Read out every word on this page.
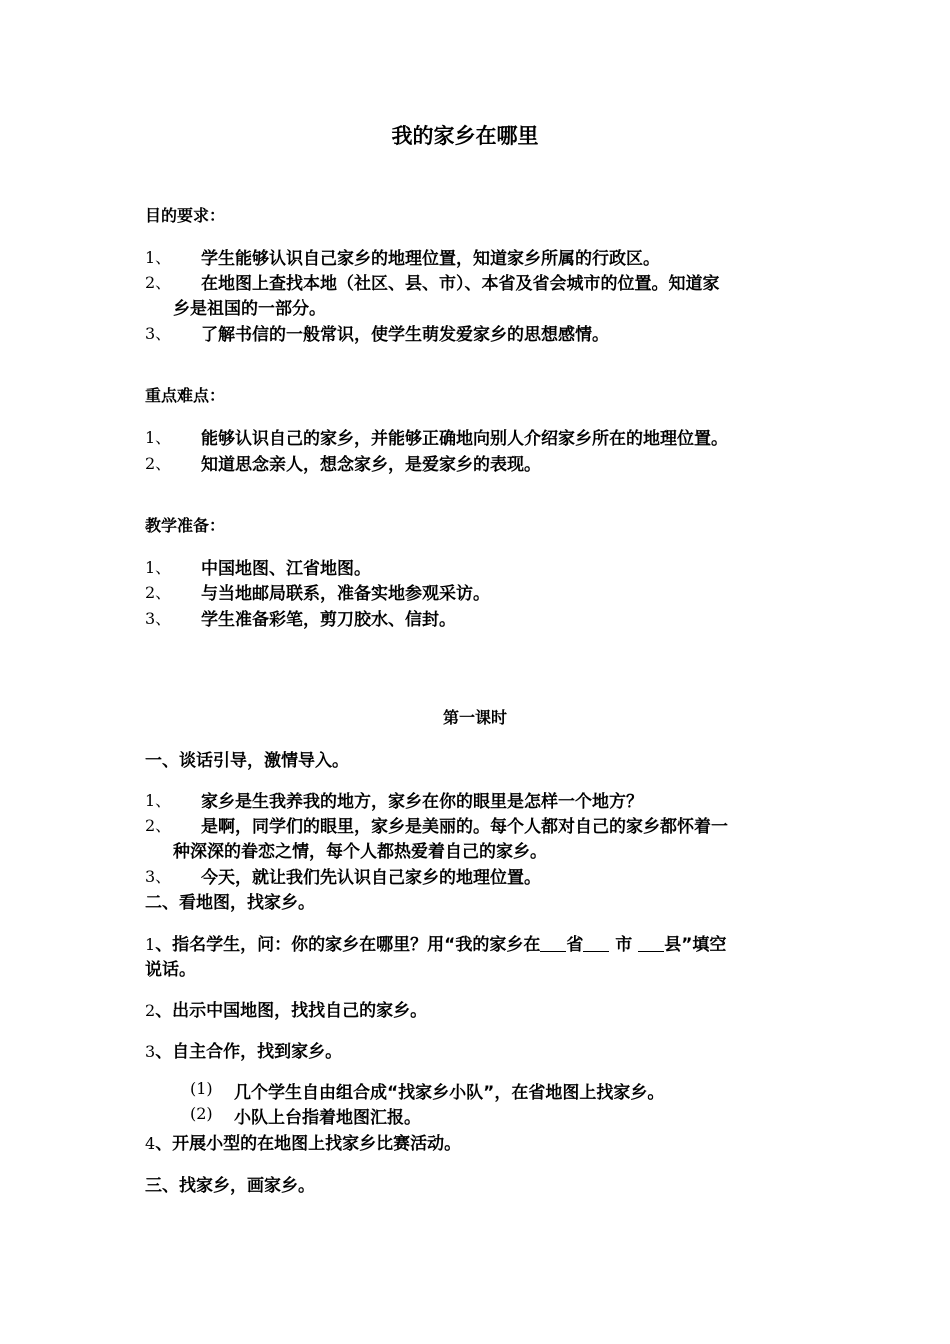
我的家乡在哪里
目的要求：
1、 学生能够认识自己家乡的地理位置，知道家乡所属的行政区。
2、 在地图上查找本地（社区、县、市）、本省及省会城市的位置。知道家
乡是祖国的一部分。
3、 了解书信的一般常识，使学生萌发爱家乡的思想感情。
重点难点：
1、 能够认识自己的家乡，并能够正确地向别人介绍家乡所在的地理位置。
2、 知道思念亲人，想念家乡，是爱家乡的表现。
教学准备：
1、 中国地图、江省地图。
2、 与当地邮局联系，准备实地参观采访。
3、 学生准备彩笔，剪刀胶水、信封。
第一课时
一、谈话引导，激情导入。
1、 家乡是生我养我的地方，家乡在你的眼里是怎样一个地方？
2、 是啊，同学们的眼里，家乡是美丽的。每个人都对自己的家乡都怀着一
种深深的眷恋之情，每个人都热爱着自己的家乡。
3、 今天，就让我们先认识自己家乡的地理位置。
二、看地图，找家乡。
1、指名学生，问：你的家乡在哪里？用“我的家乡在 省 市 县”填空
说话。
2、出示中国地图，找找自己的家乡。
3、自主合作，找到家乡。
(1) 几个学生自由组合成“找家乡小队”，在省地图上找家乡。
(2) 小队上台指着地图汇报。
4、开展小型的在地图上找家乡比赛活动。
三、找家乡，画家乡。
